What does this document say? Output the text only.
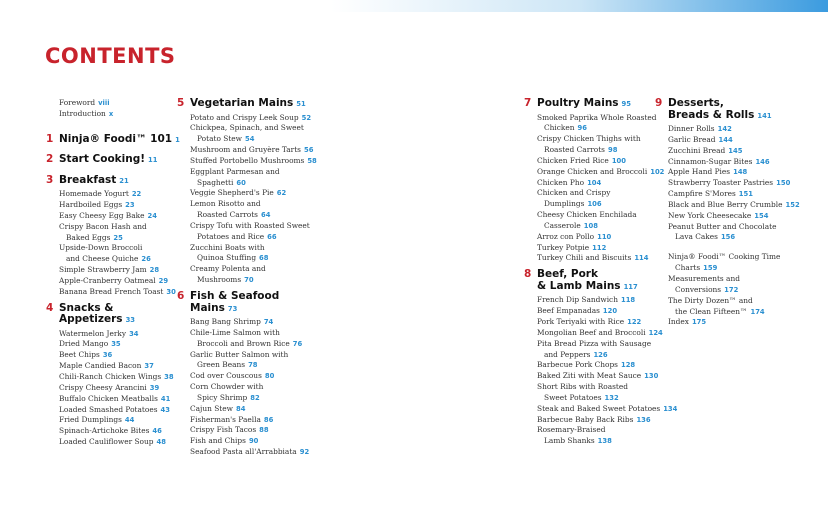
CONTENTS
Foreword viii
Introduction x
1 Ninja® Foodi™ 101 1
2 Start Cooking! 11
3 Breakfast 21
Homemade Yogurt 22
Hardboiled Eggs 23
Easy Cheesy Egg Bake 24
Crispy Bacon Hash and
Baked Eggs 25
Upside-Down Broccoli
and Cheese Quiche 26
Simple Strawberry Jam 28
Apple-Cranberry Oatmeal 29
Banana Bread French Toast 30
4 Snacks &
Appetizers 33
Watermelon Jerky 34
Dried Mango 35
Beet Chips 36
Maple Candied Bacon 37
Chili-Ranch Chicken Wings 38
Crispy Cheesy Arancini 39
Buffalo Chicken Meatballs 41
Loaded Smashed Potatoes 43
Fried Dumplings 44
Spinach-Artichoke Bites 46
Loaded Cauliflower Soup 48
5 Vegetarian Mains 51
Potato and Crispy Leek Soup 52
Chickpea, Spinach, and Sweet
Potato Stew 54
Mushroom and Gruyère Tarts 56
Stuffed Portobello Mushrooms 58
Eggplant Parmesan and
Spaghetti 60
Veggie Shepherd's Pie 62
Lemon Risotto and
Roasted Carrots 64
Crispy Tofu with Roasted Sweet
Potatoes and Rice 66
Zucchini Boats with
Quinoa Stuffing 68
Creamy Polenta and
Mushrooms 70
6 Fish & Seafood
Mains 73
Bang Bang Shrimp 74
Chile-Lime Salmon with
Broccoli and Brown Rice 76
Garlic Butter Salmon with
Green Beans 78
Cod over Couscous 80
Corn Chowder with
Spicy Shrimp 82
Cajun Stew 84
Fisherman's Paella 86
Crispy Fish Tacos 88
Fish and Chips 90
Seafood Pasta all'Arrabbiata 92
7 Poultry Mains 95
Smoked Paprika Whole Roasted
Chicken 96
Crispy Chicken Thighs with
Roasted Carrots 98
Chicken Fried Rice 100
Orange Chicken and Broccoli 102
Chicken Pho 104
Chicken and Crispy
Dumplings 106
Cheesy Chicken Enchilada
Casserole 108
Arroz con Pollo 110
Turkey Potpie 112
Turkey Chili and Biscuits 114
8 Beef, Pork
& Lamb Mains 117
French Dip Sandwich 118
Beef Empanadas 120
Pork Teriyaki with Rice 122
Mongolian Beef and Broccoli 124
Pita Bread Pizza with Sausage
and Peppers 126
Barbecue Pork Chops 128
Baked Ziti with Meat Sauce 130
Short Ribs with Roasted
Sweet Potatoes 132
Steak and Baked Sweet Potatoes 134
Barbecue Baby Back Ribs 136
Rosemary-Braised
Lamb Shanks 138
9 Desserts,
Breads & Rolls 141
Dinner Rolls 142
Garlic Bread 144
Zucchini Bread 145
Cinnamon-Sugar Bites 146
Apple Hand Pies 148
Strawberry Toaster Pastries 150
Campfire S'Mores 151
Black and Blue Berry Crumble 152
New York Cheesecake 154
Peanut Butter and Chocolate
Lava Cakes 156
Ninja® Foodi™ Cooking Time
Charts 159
Measurements and
Conversions 172
The Dirty Dozen™ and
the Clean Fifteen™ 174
Index 175
